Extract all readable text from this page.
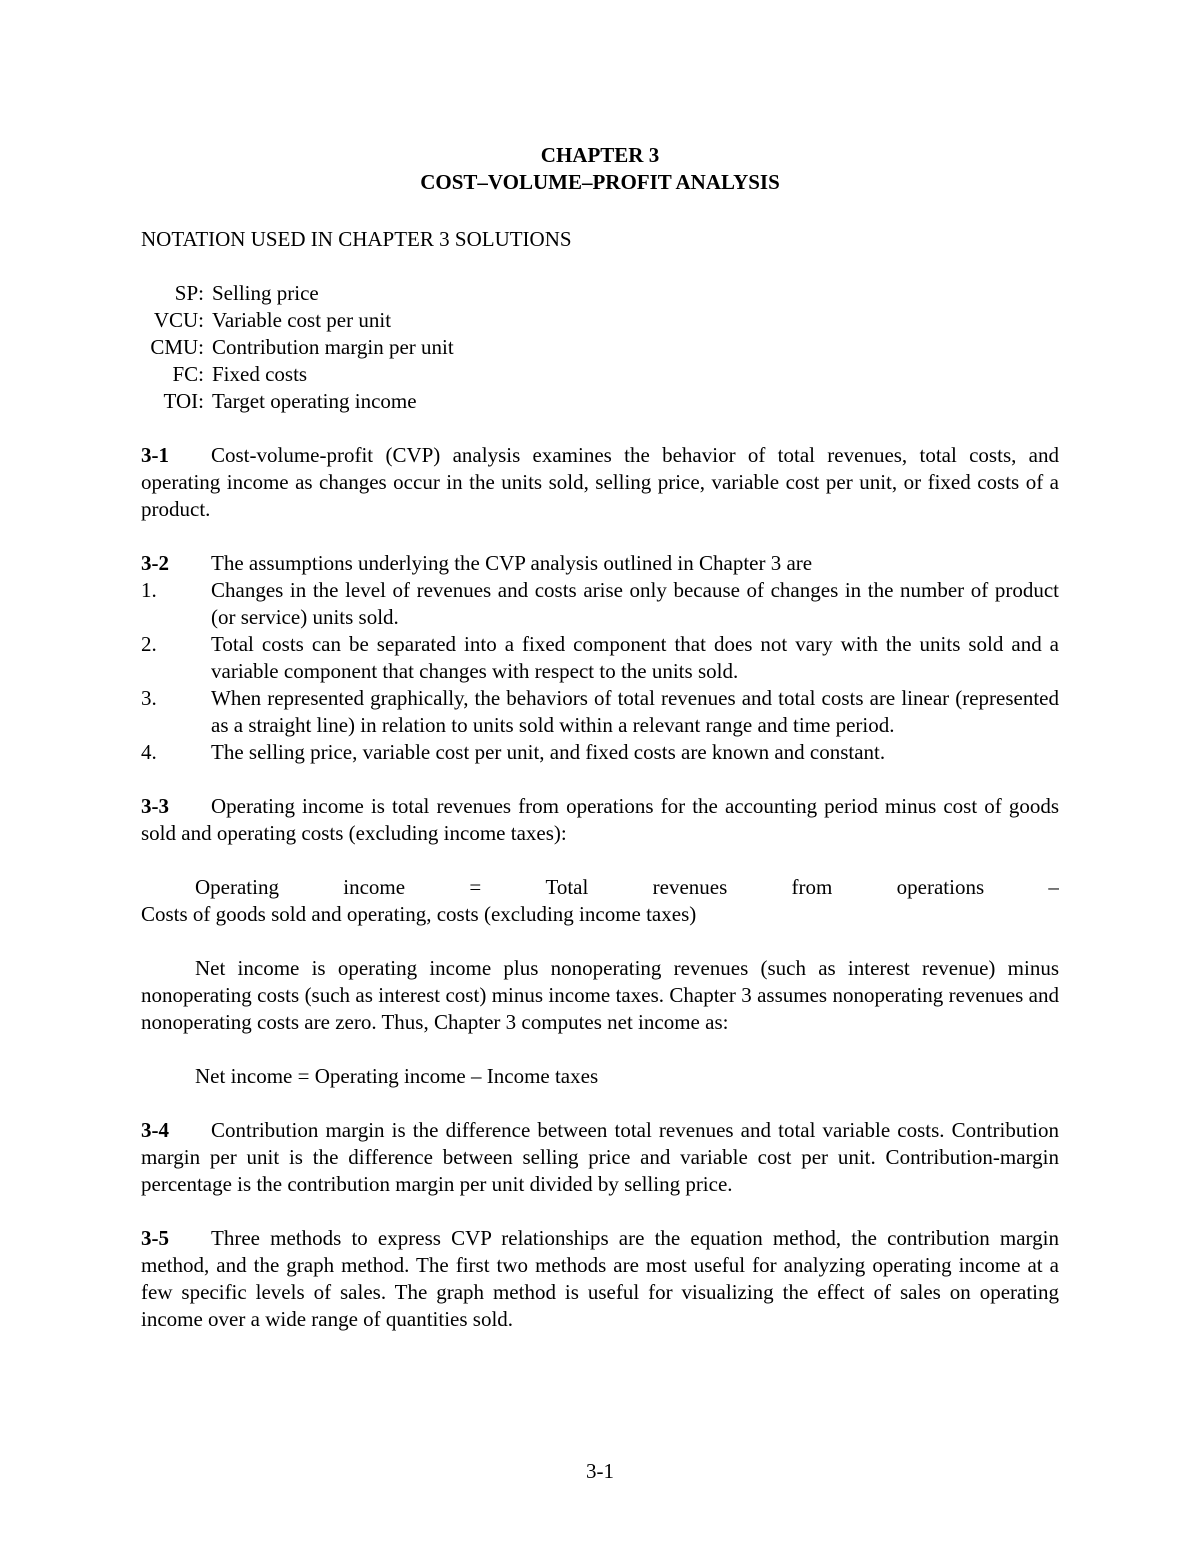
CHAPTER 3

COST–VOLUME–PROFIT ANALYSIS

NOTATION USED IN CHAPTER 3 SOLUTIONS
SP: Selling price
VCU: Variable cost per unit
CMU: Contribution margin per unit
FC: Fixed costs
TOI: Target operating income
3-1 Cost-volume-profit (CVP) analysis examines the behavior of total revenues, total costs, and operating income as changes occur in the units sold, selling price, variable cost per unit, or fixed costs of a product.
3-2 The assumptions underlying the CVP analysis outlined in Chapter 3 are
1.	Changes in the level of revenues and costs arise only because of changes in the number of product (or service) units sold.
2.	Total costs can be separated into a fixed component that does not vary with the units sold and a variable component that changes with respect to the units sold.
3.	When represented graphically, the behaviors of total revenues and total costs are linear (represented as a straight line) in relation to units sold within a relevant range and time period.
4.	The selling price, variable cost per unit, and fixed costs are known and constant.
3-3 Operating income is total revenues from operations for the accounting period minus cost of goods sold and operating costs (excluding income taxes):
Operating	income	=	Total	revenues	from	operations	–
Costs of goods sold and operating, costs (excluding income taxes)
Net income is operating income plus nonoperating revenues (such as interest revenue) minus nonoperating costs (such as interest cost) minus income taxes. Chapter 3 assumes nonoperating revenues and nonoperating costs are zero. Thus, Chapter 3 computes net income as:
Net income = Operating income – Income taxes
3-4 Contribution margin is the difference between total revenues and total variable costs. Contribution margin per unit is the difference between selling price and variable cost per unit. Contribution-margin percentage is the contribution margin per unit divided by selling price.
3-5 Three methods to express CVP relationships are the equation method, the contribution margin method, and the graph method. The first two methods are most useful for analyzing operating income at a few specific levels of sales. The graph method is useful for visualizing the effect of sales on operating income over a wide range of quantities sold.
3-1
